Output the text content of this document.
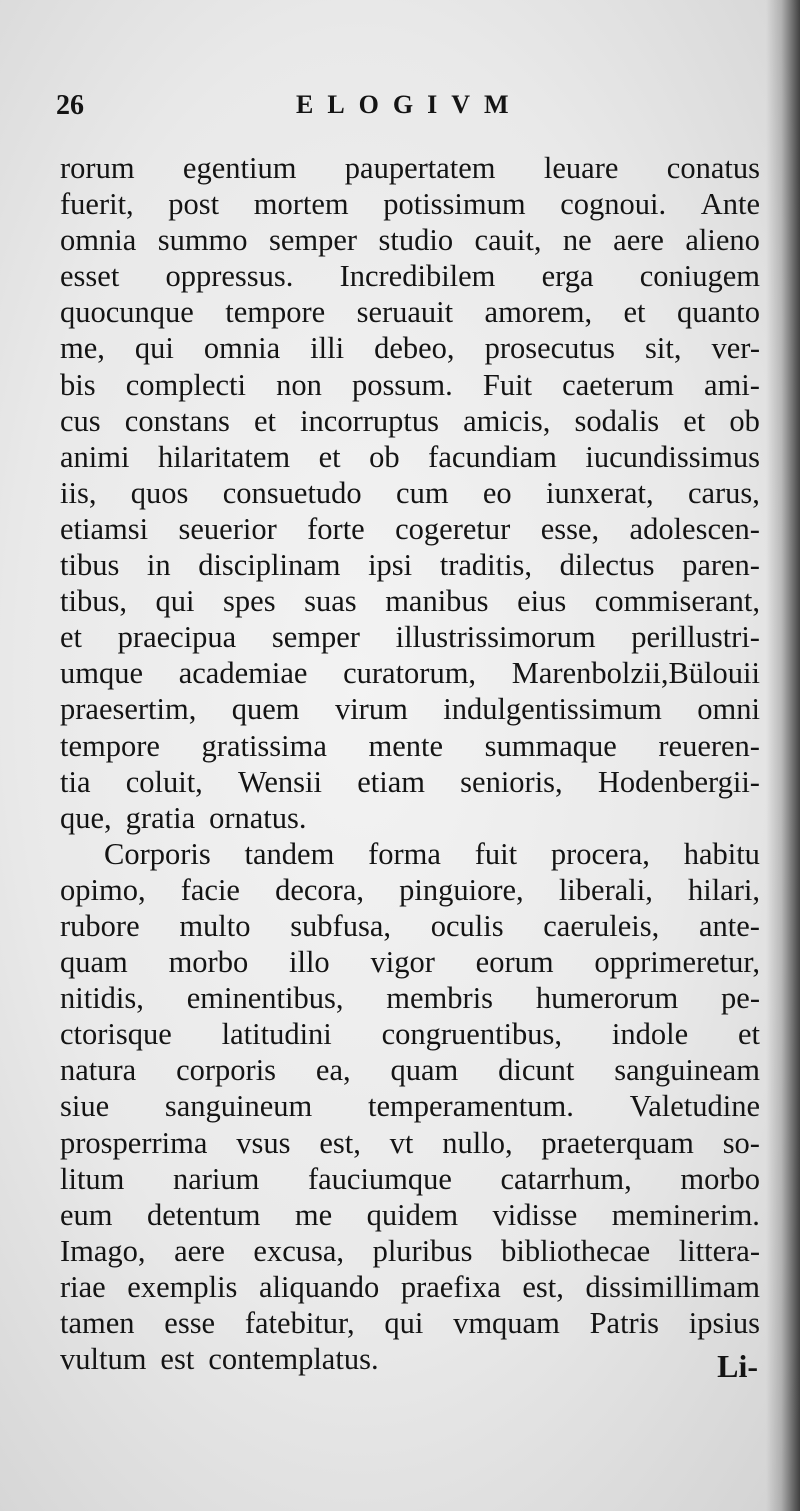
26	ELOGIVM
rorum egentium paupertatem leuare conatus
fuerit, post mortem potissimum cognoui. Ante
omnia summo semper studio cauit, ne aere alieno
esset oppressus. Incredibilem erga coniugem
quocunque tempore seruauit amorem, et quanto
me, qui omnia illi debeo, prosecutus sit, ver-
bis complecti non possum. Fuit caeterum ami-
cus constans et incorruptus amicis, sodalis et ob
animi hilaritatem et ob facundiam iucundissimus
iis, quos consuetudo cum eo iunxerat, carus,
etiamsi seuerior forte cogeretur esse, adolescen-
tibus in disciplinam ipsi traditis, dilectus paren-
tibus, qui spes suas manibus eius commiserant,
et praecipua semper illustrissimorum perillustri-
umque academiae curatorum, Marenbolzii,Bülouii
praesertim, quem virum indulgentissimum omni
tempore gratissima mente summaque reueren-
tia coluit, Wensii etiam senioris, Hodenbergii-
que, gratia ornatus.
Corporis tandem forma fuit procera, habitu
opimo, facie decora, pinguiore, liberali, hilari,
rubore multo subfusa, oculis caeruleis, ante-
quam morbo illo vigor eorum opprimeretur,
nitidis, eminentibus, membris humerorum pe-
ctorisque latitudini congruentibus, indole et
natura corporis ea, quam dicunt sanguineam
siue sanguineum temperamentum. Valetudine
prosperrima vsus est, vt nullo, praeterquam so-
litum narium fauciumque catarrhum, morbo
eum detentum me quidem vidisse meminerim.
Imago, aere excusa, pluribus bibliothecae littera-
riae exemplis aliquando praefixa est, dissimillimam
tamen esse fatebitur, qui vmquam Patris ipsius
vultum est contemplatus.	Li-
